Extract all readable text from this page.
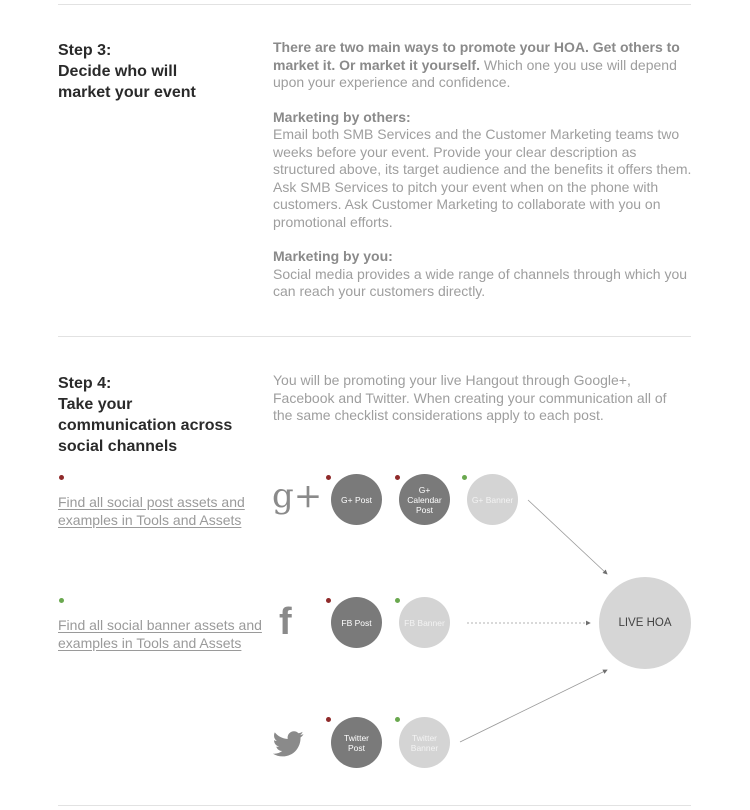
Step 3:
Decide who will
market your event

There are two main ways to promote your HOA. Get others to market it. Or market it yourself. Which one you use will depend upon your experience and confidence.

Marketing by others:
Email both SMB Services and the Customer Marketing teams two weeks before your event. Provide your clear description as structured above, its target audience and the benefits it offers them. Ask SMB Services to pitch your event when on the phone with customers. Ask Customer Marketing to collaborate with you on promotional efforts.

Marketing by you:
Social media provides a wide range of channels through which you can reach your customers directly.

Step 4:
Take your
communication across
social channels
You will be promoting your live Hangout through Google+, Facebook and Twitter. When creating your communication all of the same checklist considerations apply to each post.
Find all social post assets and examples in Tools and Assets
Find all social banner assets and examples in Tools and Assets
g+
f
G+ Post
G+
Calendar
Post
G+ Banner
FB Post	FB Banner
Twitter
Post
Twitter
Banner
LIVE HOA
